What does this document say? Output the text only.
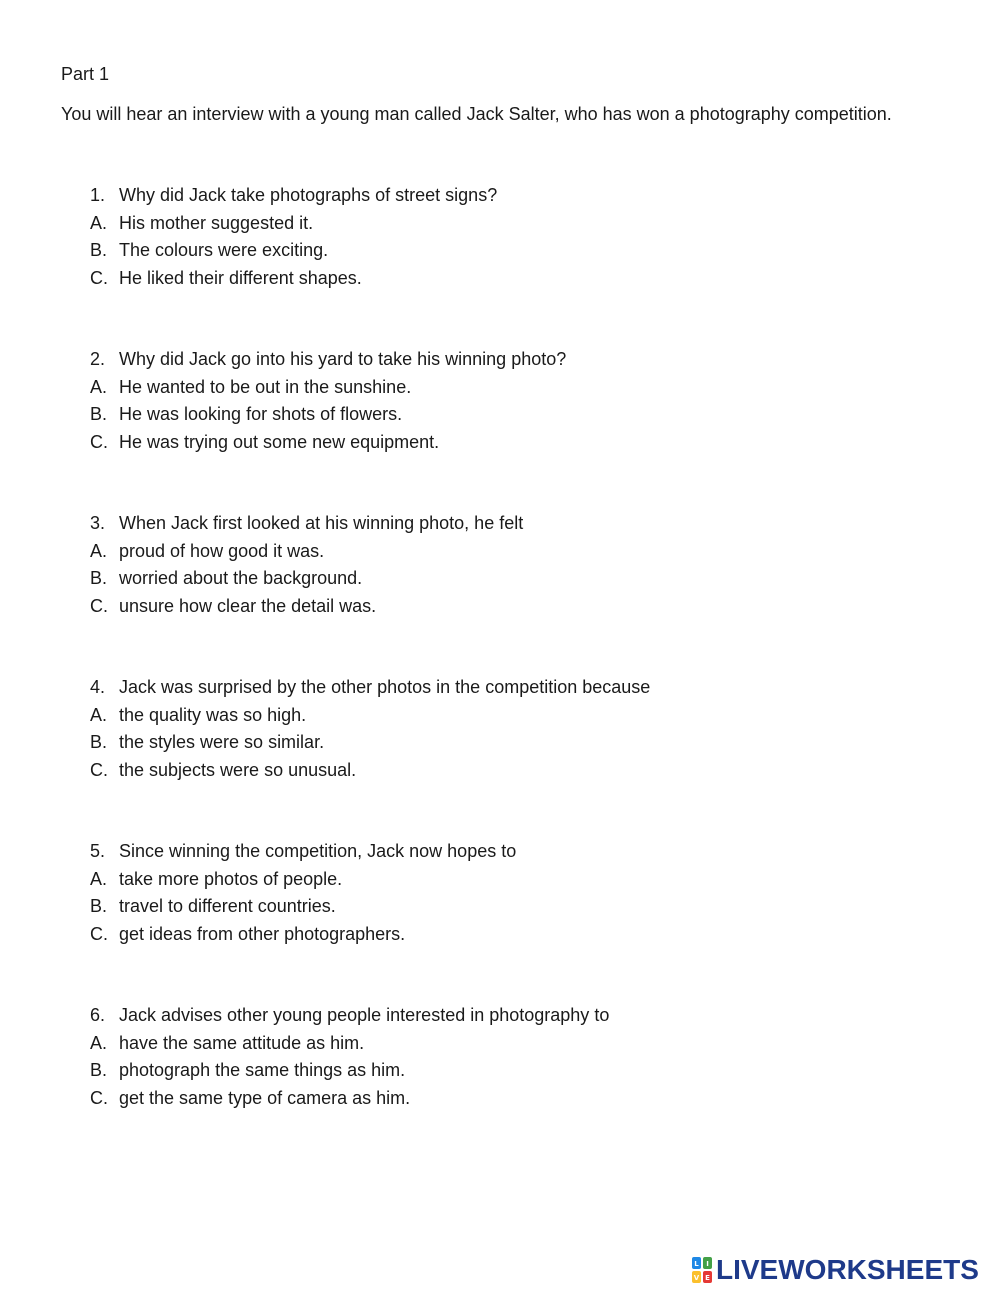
Part 1

You will hear an interview with a young man called Jack Salter, who has won a photography competition.

1. Why did Jack take photographs of street signs?
A. His mother suggested it.
B. The colours were exciting.
C. He liked their different shapes.
2. Why did Jack go into his yard to take his winning photo?
A. He wanted to be out in the sunshine.
B. He was looking for shots of flowers.
C. He was trying out some new equipment.
3. When Jack first looked at his winning photo, he felt
A. proud of how good it was.
B. worried about the background.
C. unsure how clear the detail was.
4. Jack was surprised by the other photos in the competition because
A. the quality was so high.
B. the styles were so similar.
C. the subjects were so unusual.
5. Since winning the competition, Jack now hopes to
A. take more photos of people.
B. travel to different countries.
C. get ideas from other photographers.
6. Jack advises other young people interested in photography to
A. have the same attitude as him.
B. photograph the same things as him.
C. get the same type of camera as him.
L I
V E LIVEWORKSHEETS
